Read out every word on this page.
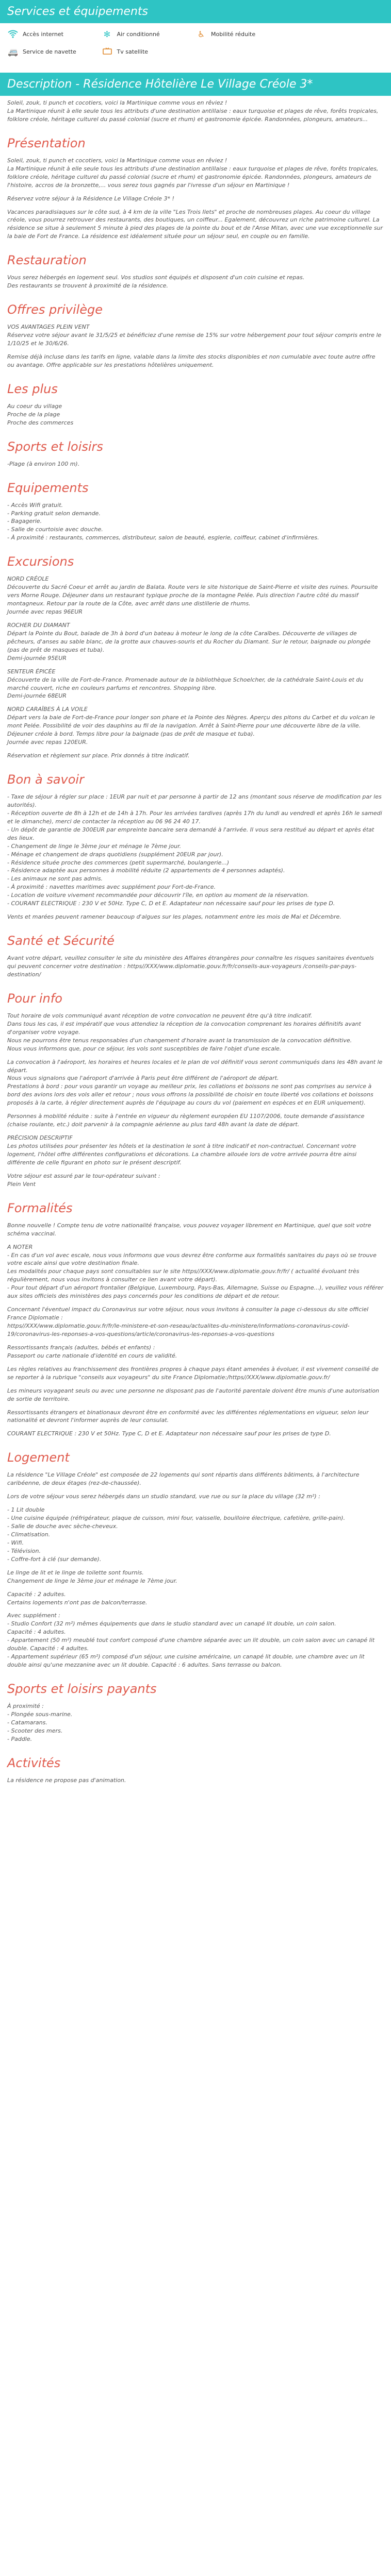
Services et équipements
Accès internet	✻	Air conditionné	♿	Mobilité réduite
🚐 Service de navette	Tv satellite
Description - Résidence Hôtelière Le Village Créole 3*

Soleil, zouk, ti punch et cocotiers, voici la Martinique comme vous en rêviez !
La Martinique réunit à elle seule tous les attributs d'une destination antillaise : eaux turquoise et plages de rêve, forêts tropicales, folklore créole, héritage culturel du passé colonial (sucre et rhum) et gastronomie épicée. Randonnées, plongeurs, amateurs...

Présentation

Soleil, zouk, ti punch et cocotiers, voici la Martinique comme vous en rêviez !
La Martinique réunit à elle seule tous les attributs d'une destination antillaise : eaux turquoise et plages de rêve, forêts tropicales, folklore créole, héritage culturel du passé colonial (sucre et rhum) et gastronomie épicée. Randonnées, plongeurs, amateurs de l'histoire, accros de la bronzette,... vous serez tous gagnés par l'ivresse d'un séjour en Martinique !

Réservez votre séjour à la Résidence Le Village Créole 3* !

Vacances paradisiaques sur le côte sud, à 4 km de la ville "Les Trois Ilets" et proche de nombreuses plages. Au coeur du village créole, vous pourrez retrouver des restaurants, des boutiques, un coiffeur... Egalement, découvrez un riche patrimoine culturel. La résidence se situe à seulement 5 minute à pied des plages de la pointe du bout et de l'Anse Mitan, avec une vue exceptionnelle sur la baie de Fort de France. La résidence est idéalement située pour un séjour seul, en couple ou en famille.

Restauration

Vous serez hébergés en logement seul. Vos studios sont équipés et disposent d'un coin cuisine et repas.
Des restaurants se trouvent à proximité de la résidence.

Offres privilège

VOS AVANTAGES PLEIN VENT
Réservez votre séjour avant le 31/5/25 et bénéficiez d'une remise de 15% sur votre hébergement pour tout séjour compris entre le 1/10/25 et le 30/6/26.

Remise déjà incluse dans les tarifs en ligne, valable dans la limite des stocks disponibles et non cumulable avec toute autre offre ou avantage. Offre applicable sur les prestations hôtelières uniquement.

Les plus

Au coeur du village
Proche de la plage
Proche des commerces

Sports et loisirs

-Plage (à environ 100 m).

Equipements

- Accès Wifi gratuit.
- Parking gratuit selon demande.
- Bagagerie.
- Salle de courtoisie avec douche.
- À proximité : restaurants, commerces, distributeur, salon de beauté, esglerie, coiffeur, cabinet d'infirmières.

Excursions

NORD CRÉOLE
Découverte du Sacré Coeur et arrêt au jardin de Balata. Route vers le site historique de Saint-Pierre et visite des ruines. Poursuite vers Morne Rouge. Déjeuner dans un restaurant typique proche de la montagne Pelée. Puis direction l'autre côté du massif montagneux. Retour par la route de la Côte, avec arrêt dans une distillerie de rhums.
Journée avec repas 96EUR

ROCHER DU DIAMANT
Départ la Pointe du Bout, balade de 3h à bord d'un bateau à moteur le long de la côte Caraïbes. Découverte de villages de pêcheurs, d'anses au sable blanc, de la grotte aux chauves-souris et du Rocher du Diamant. Sur le retour, baignade ou plongée (pas de prêt de masques et tuba).
Demi-journée 95EUR

SENTEUR ÉPICÉE
Découverte de la ville de Fort-de-France. Promenade autour de la bibliothèque Schoelcher, de la cathédrale Saint-Louis et du marché couvert, riche en couleurs parfums et rencontres. Shopping libre.
Demi-journée 68EUR

NORD CARAÏBES À LA VOILE
Départ vers la baie de Fort-de-France pour longer son phare et la Pointe des Nègres. Aperçu des pitons du Carbet et du volcan le mont Pelée. Possibilité de voir des dauphins au fil de la navigation. Arrêt à Saint-Pierre pour une découverte libre de la ville. Déjeuner créole à bord. Temps libre pour la baignade (pas de prêt de masque et tuba).
Journée avec repas 120EUR.

Réservation et règlement sur place. Prix donnés à titre indicatif.

Bon à savoir

- Taxe de séjour à régler sur place : 1EUR par nuit et par personne à partir de 12 ans (montant sous réserve de modification par les autorités).
- Réception ouverte de 8h à 12h et de 14h à 17h. Pour les arrivées tardives (après 17h du lundi au vendredi et après 16h le samedi et le dimanche), merci de contacter la réception au 06 96 24 40 17.
- Un dépôt de garantie de 300EUR par empreinte bancaire sera demandé à l'arrivée. Il vous sera restitué au départ et après état des lieux.
- Changement de linge le 3ème jour et ménage le 7ème jour.
- Ménage et changement de draps quotidiens (supplément 20EUR par jour).
- Résidence située proche des commerces (petit supermarché, boulangerie...)
- Résidence adaptée aux personnes à mobilité réduite (2 appartements de 4 personnes adaptés).
- Les animaux ne sont pas admis.
- À proximité : navettes maritimes avec supplément pour Fort-de-France.
- Location de voiture vivement recommandée pour découvrir l'île, en option au moment de la réservation.
- COURANT ELECTRIQUE : 230 V et 50Hz. Type C, D et E. Adaptateur non nécessaire sauf pour les prises de type D.

Vents et marées peuvent ramener beaucoup d'algues sur les plages, notamment entre les mois de Mai et Décembre.

Santé et Sécurité

Avant votre départ, veuillez consulter le site du ministère des Affaires étrangères pour connaître les risques sanitaires éventuels qui peuvent concerner votre destination : https//XXX/www.diplomatie.gouv.fr/fr/conseils-aux-voyageurs /conseils-par-pays-destination/

Pour info

Tout horaire de vols communiqué avant réception de votre convocation ne peuvent être qu'à titre indicatif.
Dans tous les cas, il est impératif que vous attendiez la réception de la convocation comprenant les horaires définitifs avant d'organiser votre voyage.
Nous ne pourrons être tenus responsables d'un changement d'horaire avant la transmission de la convocation définitive.
Nous vous informons que, pour ce séjour, les vols sont susceptibles de faire l'objet d'une escale.

La convocation à l'aéroport, les horaires et heures locales et le plan de vol définitif vous seront communiqués dans les 48h avant le départ.
Nous vous signalons que l'aéroport d'arrivée à Paris peut être différent de l'aéroport de départ.
Prestations à bord : pour vous garantir un voyage au meilleur prix, les collations et boissons ne sont pas comprises au service à bord des avions lors des vols aller et retour ; nous vous offrons la possibilité de choisir en toute liberté vos collations et boissons proposés à la carte, à régler directement auprès de l'équipage au cours du vol (paiement en espèces et en EUR uniquement).

Personnes à mobilité réduite : suite à l'entrée en vigueur du règlement européen EU 1107/2006, toute demande d'assistance (chaise roulante, etc.) doit parvenir à la compagnie aérienne au plus tard 48h avant la date de départ.

PRÉCISION DESCRIPTIF
Les photos utilisées pour présenter les hôtels et la destination le sont à titre indicatif et non-contractuel. Concernant votre logement, l'hôtel offre différentes configurations et décorations. La chambre allouée lors de votre arrivée pourra être ainsi différente de celle figurant en photo sur le présent descriptif.

Votre séjour est assuré par le tour-opérateur suivant :
Plein Vent

Formalités

Bonne nouvelle ! Compte tenu de votre nationalité française, vous pouvez voyager librement en Martinique, quel que soit votre schéma vaccinal.

A NOTER
- En cas d'un vol avec escale, nous vous informons que vous devrez être conforme aux formalités sanitaires du pays où se trouve votre escale ainsi que votre destination finale.
Les modalités pour chaque pays sont consultables sur le site https//XXX/www.diplomatie.gouv.fr/fr/ ( actualité évoluant très régulièrement, nous vous invitons à consulter ce lien avant votre départ).
- Pour tout départ d'un aéroport frontalier (Belgique, Luxembourg, Pays-Bas, Allemagne, Suisse ou Espagne...), veuillez vous référer aux sites officiels des ministères des pays concernés pour les conditions de départ et de retour.

Concernant l'éventuel impact du Coronavirus sur votre séjour, nous vous invitons à consulter la page ci-dessous du site officiel France Diplomatie :
https//XXX/www.diplomatie.gouv.fr/fr/le-ministere-et-son-reseau/actualites-du-ministere/informations-coronavirus-covid-19/coronavirus-les-reponses-a-vos-questions/article/coronavirus-les-reponses-a-vos-questions

Ressortissants français (adultes, bébés et enfants) :
Passeport ou carte nationale d'identité en cours de validité.

Les règles relatives au franchissement des frontières propres à chaque pays étant amenées à évoluer, il est vivement conseillé de se reporter à la rubrique "conseils aux voyageurs" du site France Diplomatie:/https//XXX/www.diplomatie.gouv.fr/

Les mineurs voyageant seuls ou avec une personne ne disposant pas de l'autorité parentale doivent être munis d'une autorisation de sortie de territoire.

Ressortissants étrangers et binationaux devront être en conformité avec les différentes réglementations en vigueur, selon leur nationalité et devront l'informer auprès de leur consulat.

COURANT ELECTRIQUE : 230 V et 50Hz. Type C, D et E. Adaptateur non nécessaire sauf pour les prises de type D.

Logement

La résidence "Le Village Créole" est composée de 22 logements qui sont répartis dans différents bâtiments, à l'architecture caribéenne, de deux étages (rez-de-chaussée).

Lors de votre séjour vous serez hébergés dans un studio standard, vue rue ou sur la place du village (32 m²) :

- 1 Lit double
- Une cuisine équipée (réfrigérateur, plaque de cuisson, mini four, vaisselle, bouilloire électrique, cafetière, grille-pain).
- Salle de douche avec sèche-cheveux.
- Climatisation.
- Wifi.
- Télévision.
- Coffre-fort à clé (sur demande).

Le linge de lit et le linge de toilette sont fournis.
Changement de linge le 3ème jour et ménage le 7ème jour.

Capacité : 2 adultes.
Certains logements n'ont pas de balcon/terrasse.

Avec supplément :
- Studio Confort (32 m²) mêmes équipements que dans le studio standard avec un canapé lit double, un coin salon.
Capacité : 4 adultes.
- Appartement (50 m²) meublé tout confort composé d'une chambre séparée avec un lit double, un coin salon avec un canapé lit double. Capacité : 4 adultes.
- Appartement supérieur (65 m²) composé d'un séjour, une cuisine américaine, un canapé lit double, une chambre avec un lit double ainsi qu'une mezzanine avec un lit double. Capacité : 6 adultes. Sans terrasse ou balcon.

Sports et loisirs payants

À proximité :
- Plongée sous-marine.
- Catamarans.
- Scooter des mers.
- Paddle.

Activités

La résidence ne propose pas d'animation.
